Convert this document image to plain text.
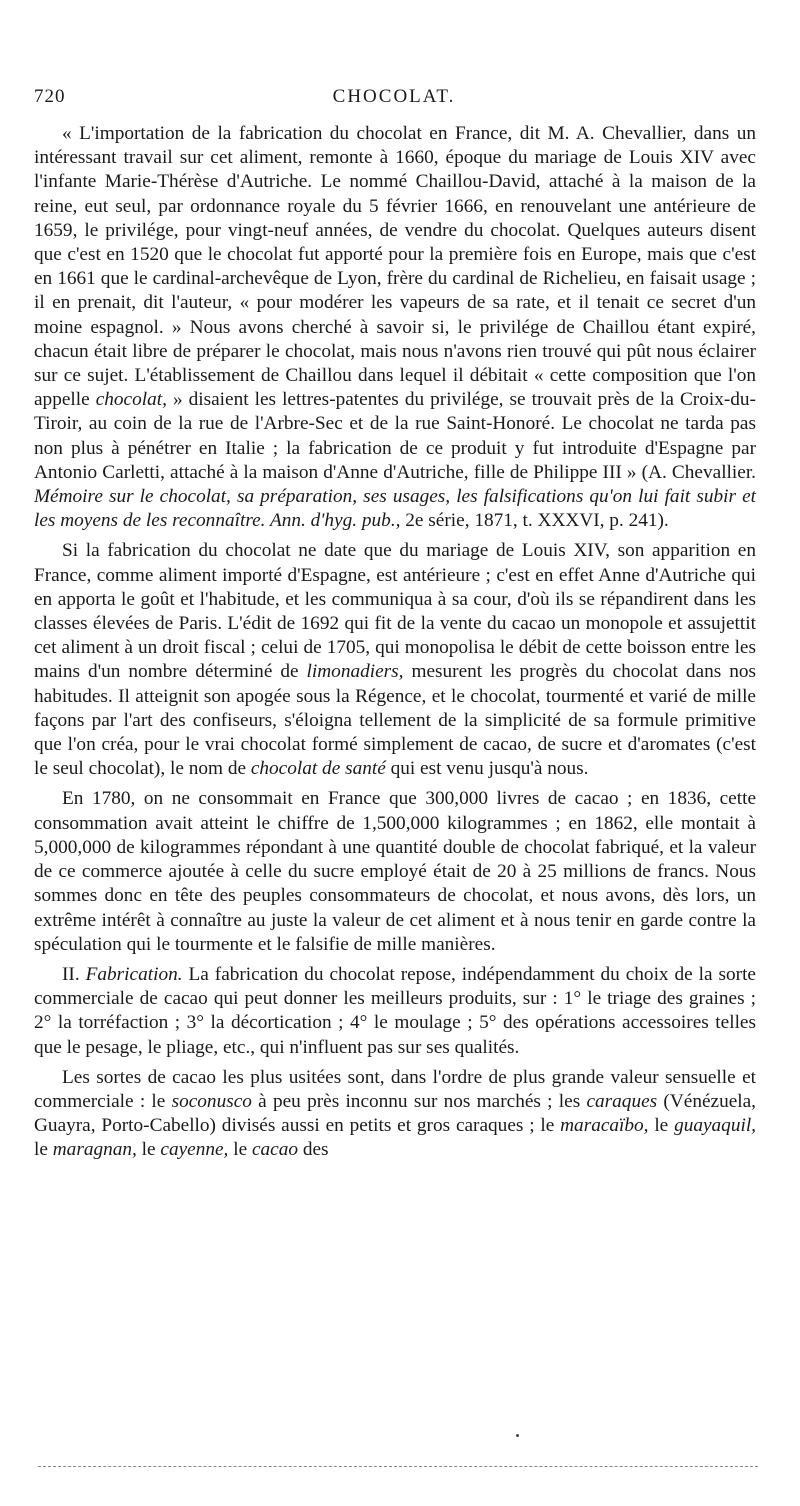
720	CHOCOLAT.

« L'importation de la fabrication du chocolat en France, dit M. A. Chevallier, dans un intéressant travail sur cet aliment, remonte à 1660, époque du mariage de Louis XIV avec l'infante Marie-Thérèse d'Autriche. Le nommé Chaillou-David, attaché à la maison de la reine, eut seul, par ordonnance royale du 5 février 1666, en renouvelant une antérieure de 1659, le privilége, pour vingt-neuf années, de vendre du chocolat. Quelques auteurs disent que c'est en 1520 que le chocolat fut apporté pour la première fois en Europe, mais que c'est en 1661 que le cardinal-archevêque de Lyon, frère du cardinal de Richelieu, en faisait usage ; il en prenait, dit l'auteur, « pour modérer les vapeurs de sa rate, et il tenait ce secret d'un moine espagnol. » Nous avons cherché à savoir si, le privilége de Chaillou étant expiré, chacun était libre de préparer le chocolat, mais nous n'avons rien trouvé qui pût nous éclairer sur ce sujet. L'établissement de Chaillou dans lequel il débitait « cette composition que l'on appelle chocolat, » disaient les lettres-patentes du privilége, se trouvait près de la Croix-du-Tiroir, au coin de la rue de l'Arbre-Sec et de la rue Saint-Honoré. Le chocolat ne tarda pas non plus à pénétrer en Italie ; la fabrication de ce produit y fut introduite d'Espagne par Antonio Carletti, attaché à la maison d'Anne d'Autriche, fille de Philippe III » (A. Chevallier. Mémoire sur le chocolat, sa préparation, ses usages, les falsifications qu'on lui fait subir et les moyens de les reconnaître. Ann. d'hyg. pub., 2e série, 1871, t. XXXVI, p. 241).

Si la fabrication du chocolat ne date que du mariage de Louis XIV, son apparition en France, comme aliment importé d'Espagne, est antérieure ; c'est en effet Anne d'Autriche qui en apporta le goût et l'habitude, et les communiqua à sa cour, d'où ils se répandirent dans les classes élevées de Paris. L'édit de 1692 qui fit de la vente du cacao un monopole et assujettit cet aliment à un droit fiscal ; celui de 1705, qui monopolisa le débit de cette boisson entre les mains d'un nombre déterminé de limonadiers, mesurent les progrès du chocolat dans nos habitudes. Il atteignit son apogée sous la Régence, et le chocolat, tourmenté et varié de mille façons par l'art des confiseurs, s'éloigna tellement de la simplicité de sa formule primitive que l'on créa, pour le vrai chocolat formé simplement de cacao, de sucre et d'aromates (c'est le seul chocolat), le nom de chocolat de santé qui est venu jusqu'à nous.

En 1780, on ne consommait en France que 300,000 livres de cacao ; en 1836, cette consommation avait atteint le chiffre de 1,500,000 kilogrammes ; en 1862, elle montait à 5,000,000 de kilogrammes répondant à une quantité double de chocolat fabriqué, et la valeur de ce commerce ajoutée à celle du sucre employé était de 20 à 25 millions de francs. Nous sommes donc en tête des peuples consommateurs de chocolat, et nous avons, dès lors, un extrême intérêt à connaître au juste la valeur de cet aliment et à nous tenir en garde contre la spéculation qui le tourmente et le falsifie de mille manières.

II. Fabrication. La fabrication du chocolat repose, indépendamment du choix de la sorte commerciale de cacao qui peut donner les meilleurs produits, sur : 1° le triage des graines ; 2° la torréfaction ; 3° la décortication ; 4° le moulage ; 5° des opérations accessoires telles que le pesage, le pliage, etc., qui n'influent pas sur ses qualités.

Les sortes de cacao les plus usitées sont, dans l'ordre de plus grande valeur sensuelle et commerciale : le soconusco à peu près inconnu sur nos marchés ; les caraques (Vénézuela, Guayra, Porto-Cabello) divisés aussi en petits et gros caraques ; le maracaïbo, le guayaquil, le maragnan, le cayenne, le cacao des
